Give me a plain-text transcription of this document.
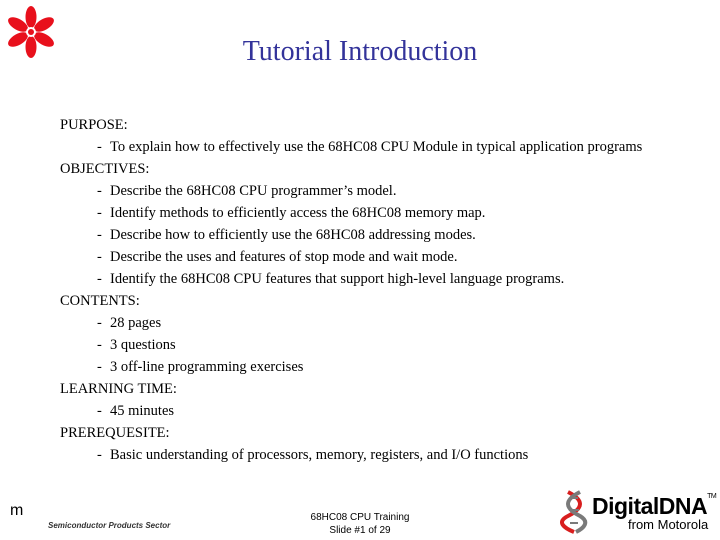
Tutorial Introduction
PURPOSE:
- To explain how to effectively use the 68HC08 CPU Module in typical application programs
OBJECTIVES:
- Describe the 68HC08 CPU programmer’s model.
- Identify methods to efficiently access the 68HC08 memory map.
- Describe how to efficiently use the 68HC08 addressing modes.
- Describe the uses and features of stop mode and wait mode.
- Identify the 68HC08 CPU features that support high-level language programs.
CONTENTS:
- 28 pages
- 3 questions
- 3 off-line programming exercises
LEARNING TIME:
- 45 minutes
PREREQUESITE:
- Basic understanding of processors, memory, registers, and I/O functions
m
Semiconductor Products Sector
68HC08 CPU Training
Slide #1 of 29
DigitalDNA™
from Motorola
